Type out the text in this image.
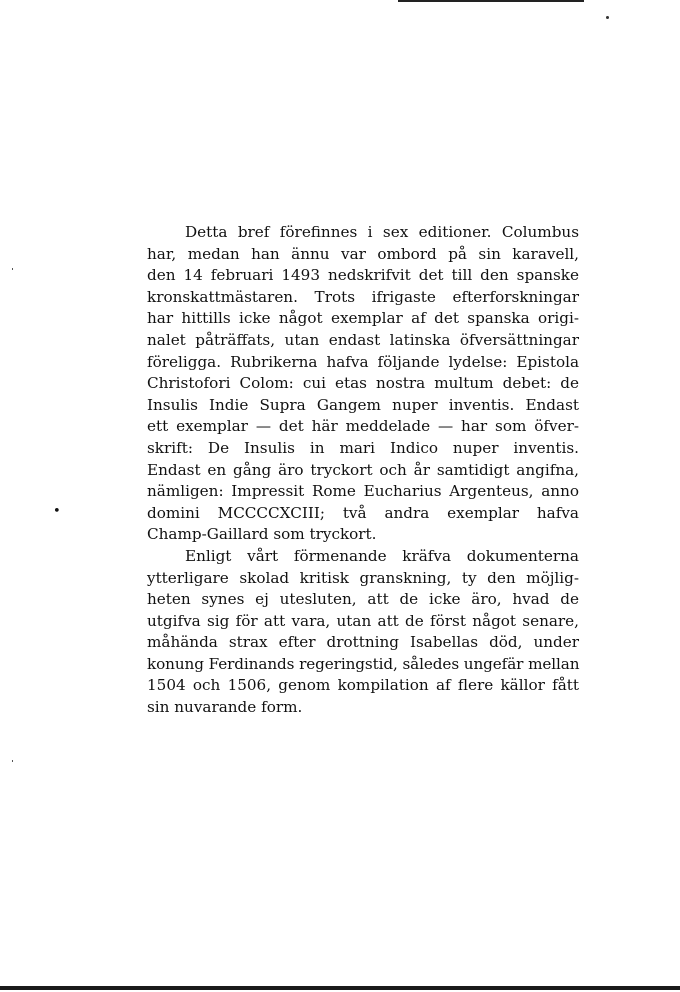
•
Detta bref förefinnes i sex editioner. Columbus
har, medan han ännu var ombord på sin karavell,
den 14 februari 1493 nedskrifvit det till den spanske
kronskattmästaren. Trots ifrigaste efterforskningar
har hittills icke något exemplar af det spanska origi-
nalet påträffats, utan endast latinska öfversättningar
föreligga. Rubrikerna hafva följande lydelse: Epistola
Christofori Colom: cui etas nostra multum debet: de
Insulis Indie Supra Gangem nuper inventis. Endast
ett exemplar — det här meddelade — har som öfver-
skrift: De Insulis in mari Indico nuper inventis.
Endast en gång äro tryckort och år samtidigt angifna,
nämligen: Impressit Rome Eucharius Argenteus, anno
domini MCCCCXCIII; två andra exemplar hafva
Champ-Gaillard som tryckort.
Enligt vårt förmenande kräfva dokumenterna
ytterligare skolad kritisk granskning, ty den möjlig-
heten synes ej utesluten, att de icke äro, hvad de
utgifva sig för att vara, utan att de först något senare,
måhända strax efter drottning Isabellas död, under
konung Ferdinands regeringstid, således ungefär mellan
1504 och 1506, genom kompilation af flere källor fått
sin nuvarande form.
